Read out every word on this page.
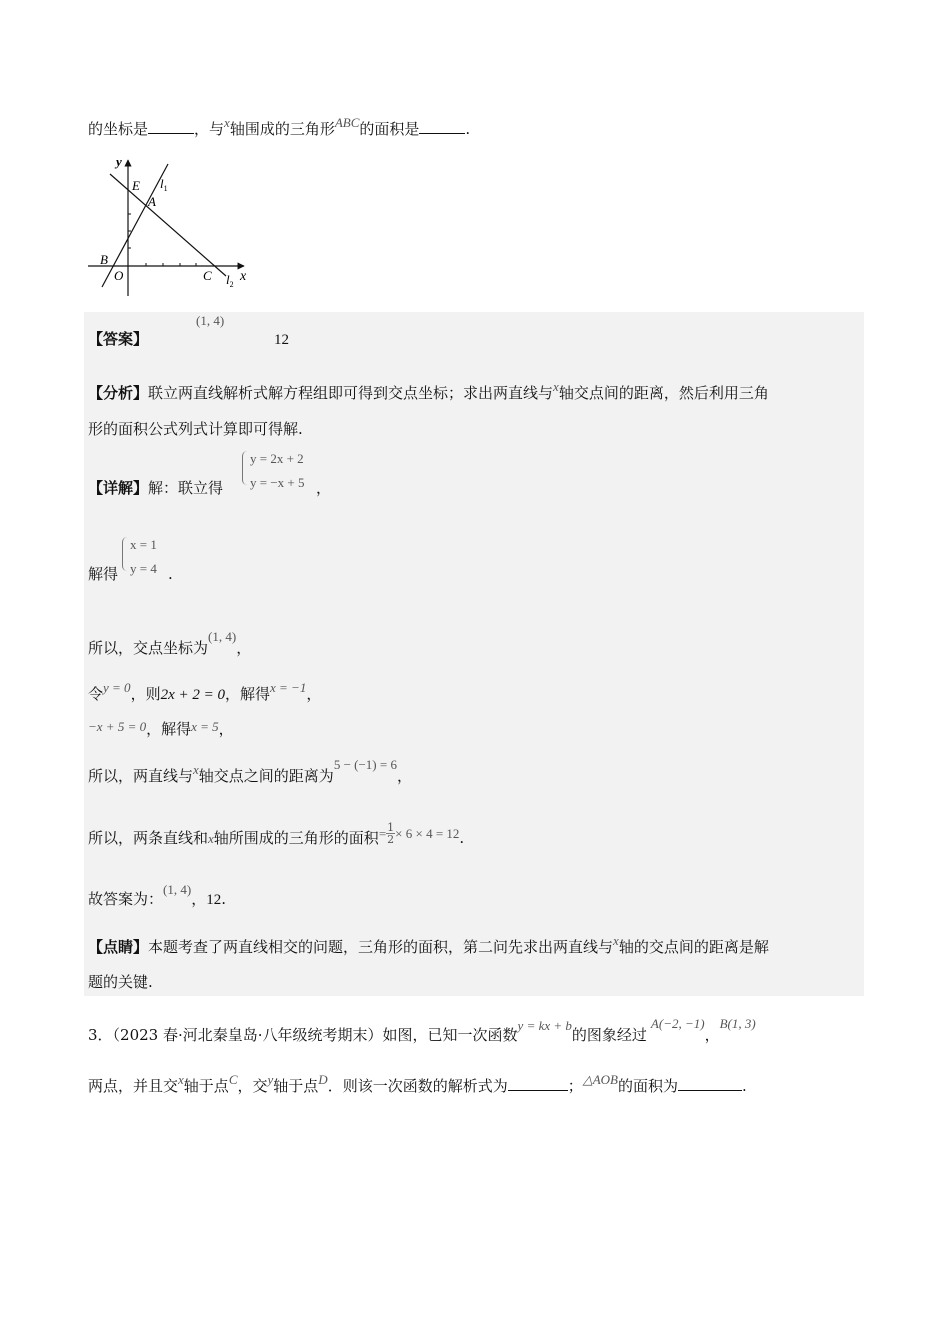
的坐标是	，与x轴围成的三角形ABC的面积是	.
y
x
E
A
B
O	C
$l_1$
$l_2$
【答案】
(1, 4)
12
【分析】联立两直线解析式解方程组即可得到交点坐标；求出两直线与x轴交点间的距离，然后利用三角
形的面积公式列式计算即可得解.
【详解】解：联立得
y = 2x + 2
y = −x + 5 ，
解得
x = 1
y = 4 .
所以，交点坐标为(1, 4)，
令y = 0，则2x + 2 = 0，解得x = −1，
−x + 5 = 0，解得x = 5，
所以，两直线与x轴交点之间的距离为5 − (−1) = 6，
所以，两条直线和x轴所围成的三角形的面积= $\frac{1}{2} \times 6 \times 4 = 12$.
故答案为：(1, 4)，12.
【点睛】本题考查了两直线相交的问题，三角形的面积，第二问先求出两直线与x轴的交点间的距离是解
题的关键.
3．（2023 春·河北秦皇岛·八年级统考期末）如图，已知一次函数y = kx + b的图象经过A(−2, −1)，B(1, 3)
两点，并且交x轴于点C，交y轴于点D．则该一次函数的解析式为	；△AOB的面积为	.
